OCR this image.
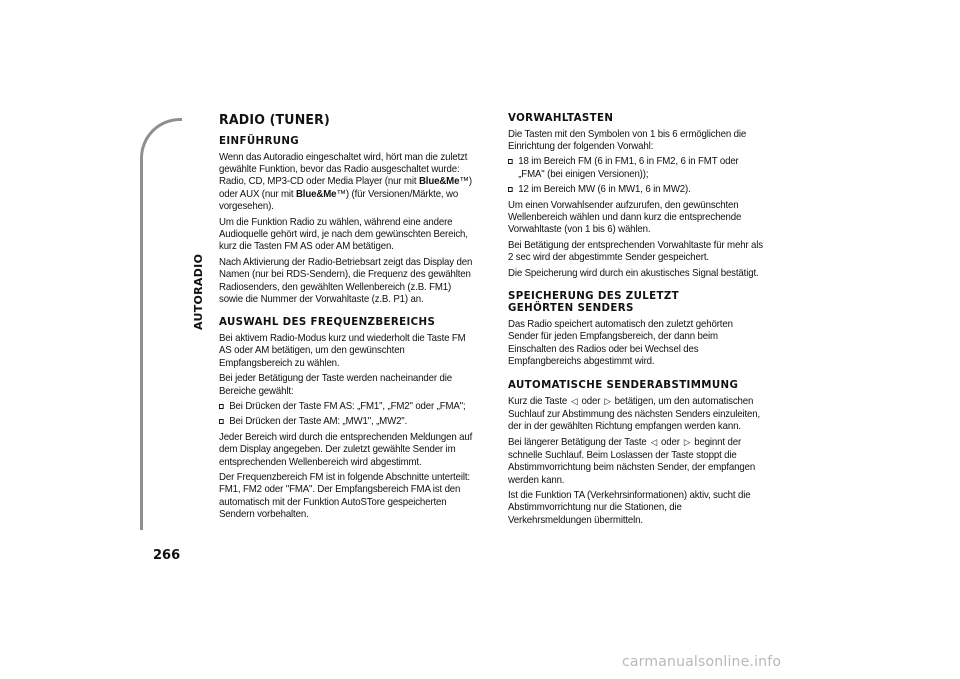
AUTORADIO
266
RADIO (TUNER)
EINFÜHRUNG

Wenn das Autoradio eingeschaltet wird, hört man die zuletzt gewählte Funktion, bevor das Radio ausgeschaltet wurde: Radio, CD, MP3-CD oder Media Player (nur mit Blue&Me™) oder AUX (nur mit Blue&Me™) (für Versionen/Märkte, wo vorgesehen).

Um die Funktion Radio zu wählen, während eine andere Audioquelle gehört wird, je nach dem gewünschten Bereich, kurz die Tasten FM AS oder AM betätigen.

Nach Aktivierung der Radio-Betriebsart zeigt das Display den Namen (nur bei RDS-Sendern), die Frequenz des gewählten Radiosenders, den gewählten Wellenbereich (z.B. FM1) sowie die Nummer der Vorwahltaste (z.B. P1) an.

AUSWAHL DES FREQUENZBEREICHS

Bei aktivem Radio-Modus kurz und wiederholt die Taste FM AS oder AM betätigen, um den gewünschten Empfangsbereich zu wählen.

Bei jeder Betätigung der Taste werden nacheinander die Bereiche gewählt:

Bei Drücken der Taste FM AS: „FM1", „FM2" oder „FMA";
Bei Drücken der Taste AM: „MW1", „MW2".

Jeder Bereich wird durch die entsprechenden Meldungen auf dem Display angegeben. Der zuletzt gewählte Sender im entsprechenden Wellenbereich wird abgestimmt.

Der Frequenzbereich FM ist in folgende Abschnitte unterteilt: FM1, FM2 oder "FMA". Der Empfangsbereich FMA ist den automatisch mit der Funktion AutoSTore gespeicherten Sendern vorbehalten.

VORWAHLTASTEN

Die Tasten mit den Symbolen von 1 bis 6 ermöglichen die Einrichtung der folgenden Vorwahl:

18 im Bereich FM (6 in FM1, 6 in FM2, 6 in FMT oder „FMA" (bei einigen Versionen));
12 im Bereich MW (6 in MW1, 6 in MW2).

Um einen Vorwahlsender aufzurufen, den gewünschten Wellenbereich wählen und dann kurz die entsprechende Vorwahltaste (von 1 bis 6) wählen.

Bei Betätigung der entsprechenden Vorwahltaste für mehr als 2 sec wird der abgestimmte Sender gespeichert.

Die Speicherung wird durch ein akustisches Signal bestätigt.

SPEICHERUNG DES ZULETZT
GEHÖRTEN SENDERS

Das Radio speichert automatisch den zuletzt gehörten Sender für jeden Empfangsbereich, der dann beim Einschalten des Radios oder bei Wechsel des Empfangbereichs abgestimmt wird.

AUTOMATISCHE SENDERABSTIMMUNG

Kurz die Taste ◁ oder ▷ betätigen, um den automatischen Suchlauf zur Abstimmung des nächsten Senders einzuleiten, der in der gewählten Richtung empfangen werden kann.

Bei längerer Betätigung der Taste ◁ oder ▷ beginnt der schnelle Suchlauf. Beim Loslassen der Taste stoppt die Abstimmvorrichtung beim nächsten Sender, der empfangen werden kann.

Ist die Funktion TA (Verkehrsinformationen) aktiv, sucht die Abstimmvorrichtung nur die Stationen, die Verkehrsmeldungen übermitteln.

carmanualsonline.info
